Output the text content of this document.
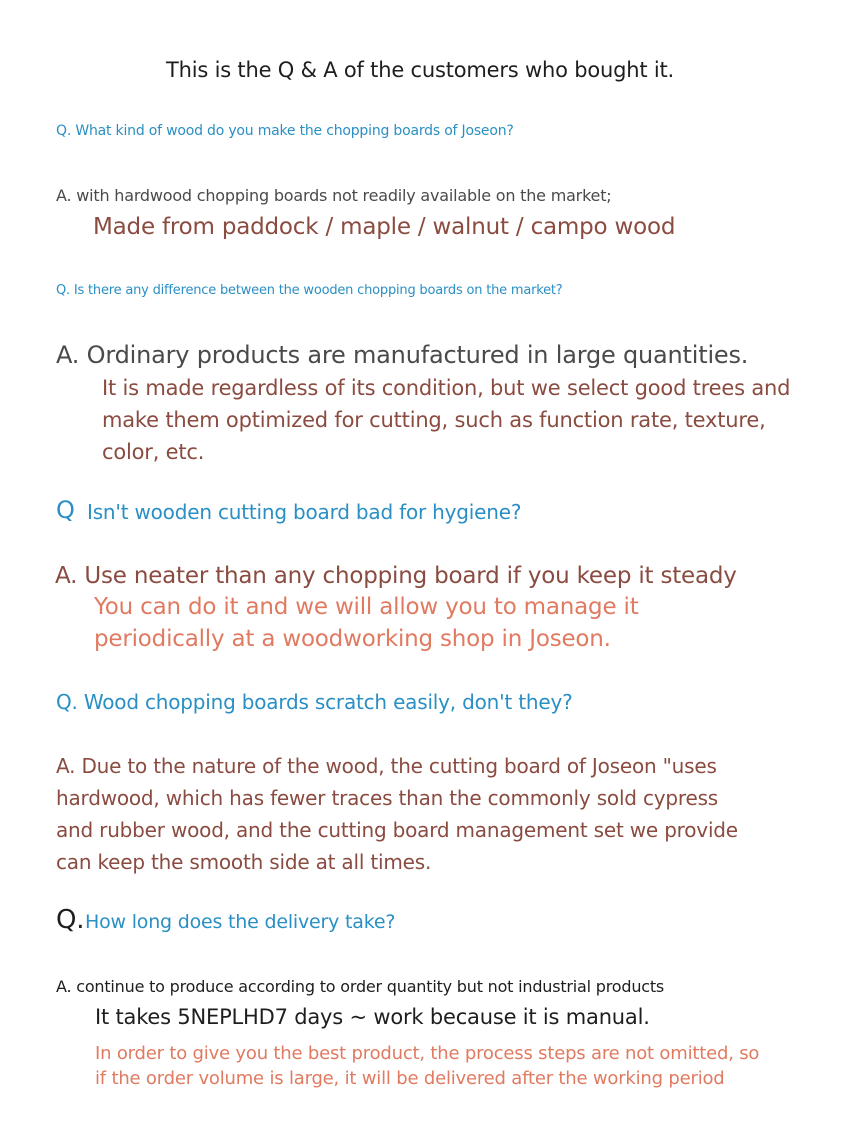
This is the Q & A of the customers who bought it.

Q. What kind of wood do you make the chopping boards of Joseon?

A. with hardwood chopping boards not readily available on the market;

Made from paddock / maple / walnut / campo wood

Q. Is there any difference between the wooden chopping boards on the market?

A. Ordinary products are manufactured in large quantities.

It is made regardless of its condition, but we select good trees and

make them optimized for cutting, such as function rate, texture,

color, etc.

Q Isn't wooden cutting board bad for hygiene?

A. Use neater than any chopping board if you keep it steady

You can do it and we will allow you to manage it

periodically at a woodworking shop in Joseon.

Q. Wood chopping boards scratch easily, don't they?

A. Due to the nature of the wood, the cutting board of Joseon "uses

hardwood, which has fewer traces than the commonly sold cypress

and rubber wood, and the cutting board management set we provide

can keep the smooth side at all times.

Q. How long does the delivery take?

A. continue to produce according to order quantity but not industrial products

It takes 5NEPLHD7 days ~ work because it is manual.

In order to give you the best product, the process steps are not omitted, so

if the order volume is large, it will be delivered after the working period
